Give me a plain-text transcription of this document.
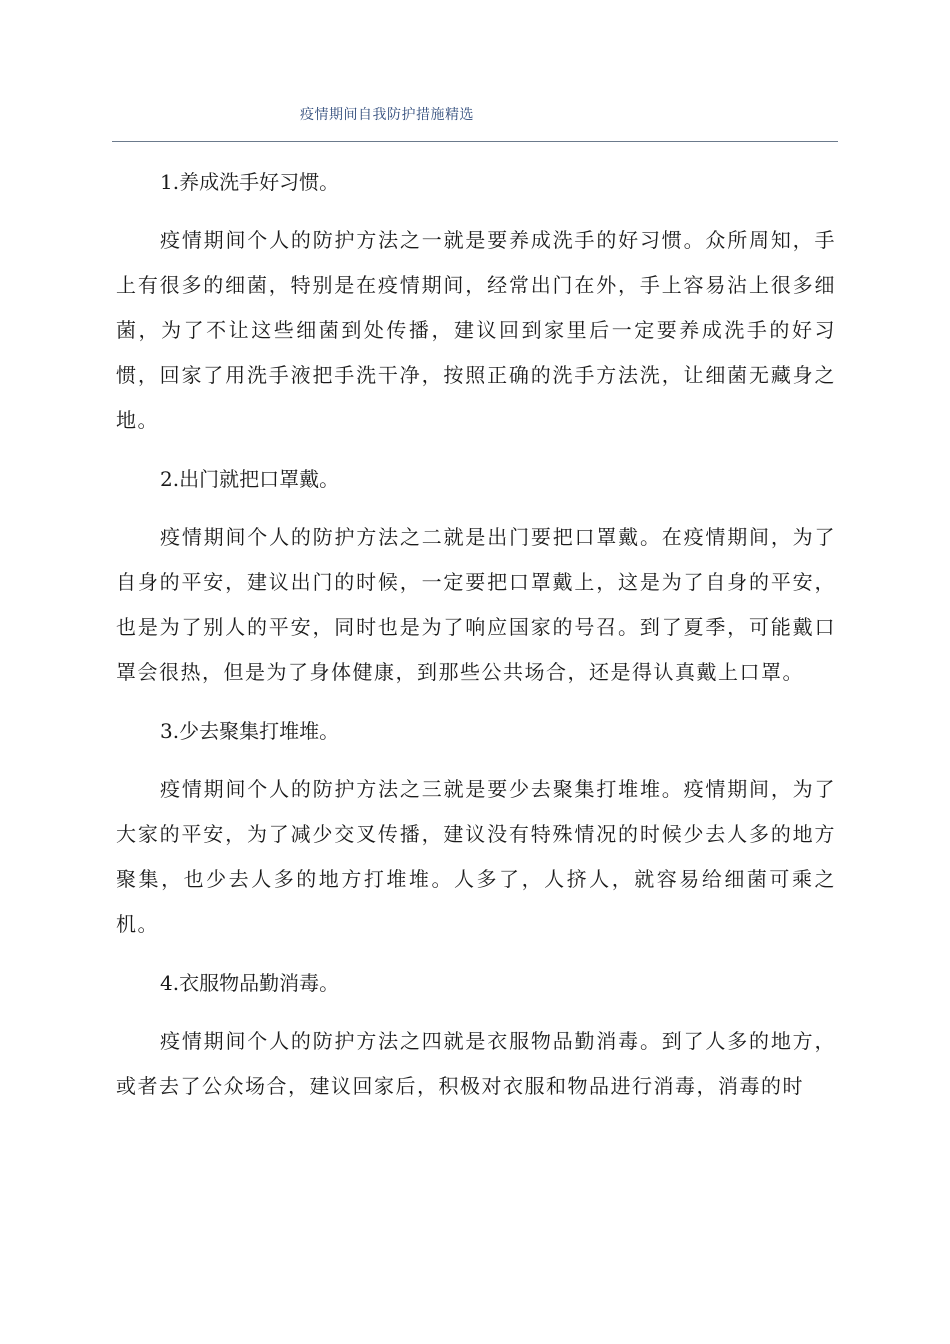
疫情期间自我防护措施精选
1.养成洗手好习惯。

疫情期间个人的防护方法之一就是要养成洗手的好习惯。众所周知，手上有很多的细菌，特别是在疫情期间，经常出门在外，手上容易沾上很多细菌，为了不让这些细菌到处传播，建议回到家里后一定要养成洗手的好习惯，回家了用洗手液把手洗干净，按照正确的洗手方法洗，让细菌无藏身之地。

2.出门就把口罩戴。

疫情期间个人的防护方法之二就是出门要把口罩戴。在疫情期间，为了自身的平安，建议出门的时候，一定要把口罩戴上，这是为了自身的平安，也是为了别人的平安，同时也是为了响应国家的号召。到了夏季，可能戴口罩会很热，但是为了身体健康，到那些公共场合，还是得认真戴上口罩。

3.少去聚集打堆堆。

疫情期间个人的防护方法之三就是要少去聚集打堆堆。疫情期间，为了大家的平安，为了减少交叉传播，建议没有特殊情况的时候少去人多的地方聚集，也少去人多的地方打堆堆。人多了，人挤人，就容易给细菌可乘之机。

4.衣服物品勤消毒。

疫情期间个人的防护方法之四就是衣服物品勤消毒。到了人多的地方，或者去了公众场合，建议回家后，积极对衣服和物品进行消毒，消毒的时
